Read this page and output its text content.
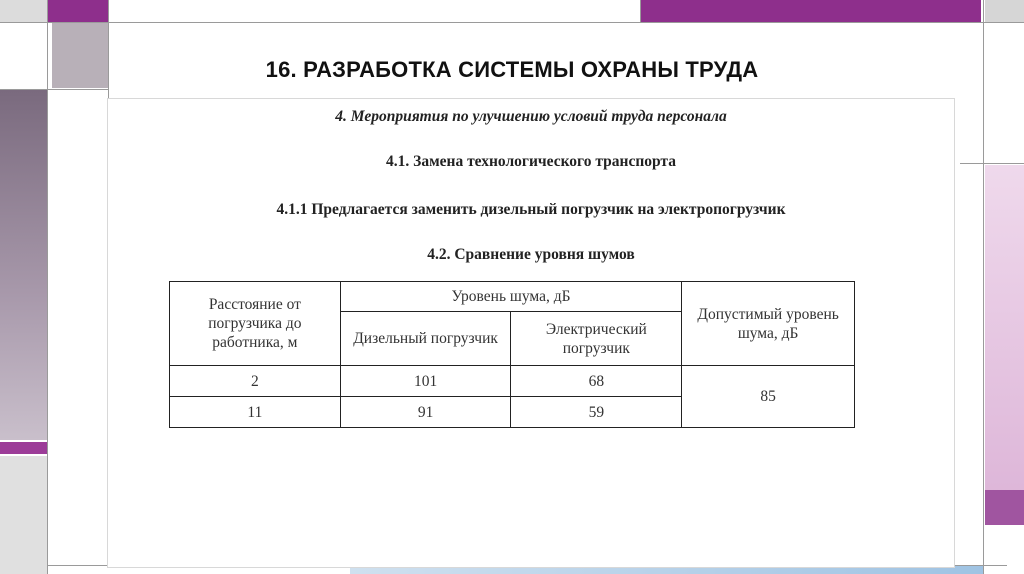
16. РАЗРАБОТКА СИСТЕМЫ ОХРАНЫ ТРУДА
4. Мероприятия по улучшению условий труда персонала
4.1. Замена технологического транспорта
4.1.1 Предлагается заменить дизельный погрузчик на электропогрузчик
4.2. Сравнение уровня шумов
Расстояние от погрузчика до работника, м	Уровень шума, дБ		Допустимый уровень шума, дБ
	Дизельный погрузчик	Электрический погрузчик	
2	101	68	85
11	91	59	
